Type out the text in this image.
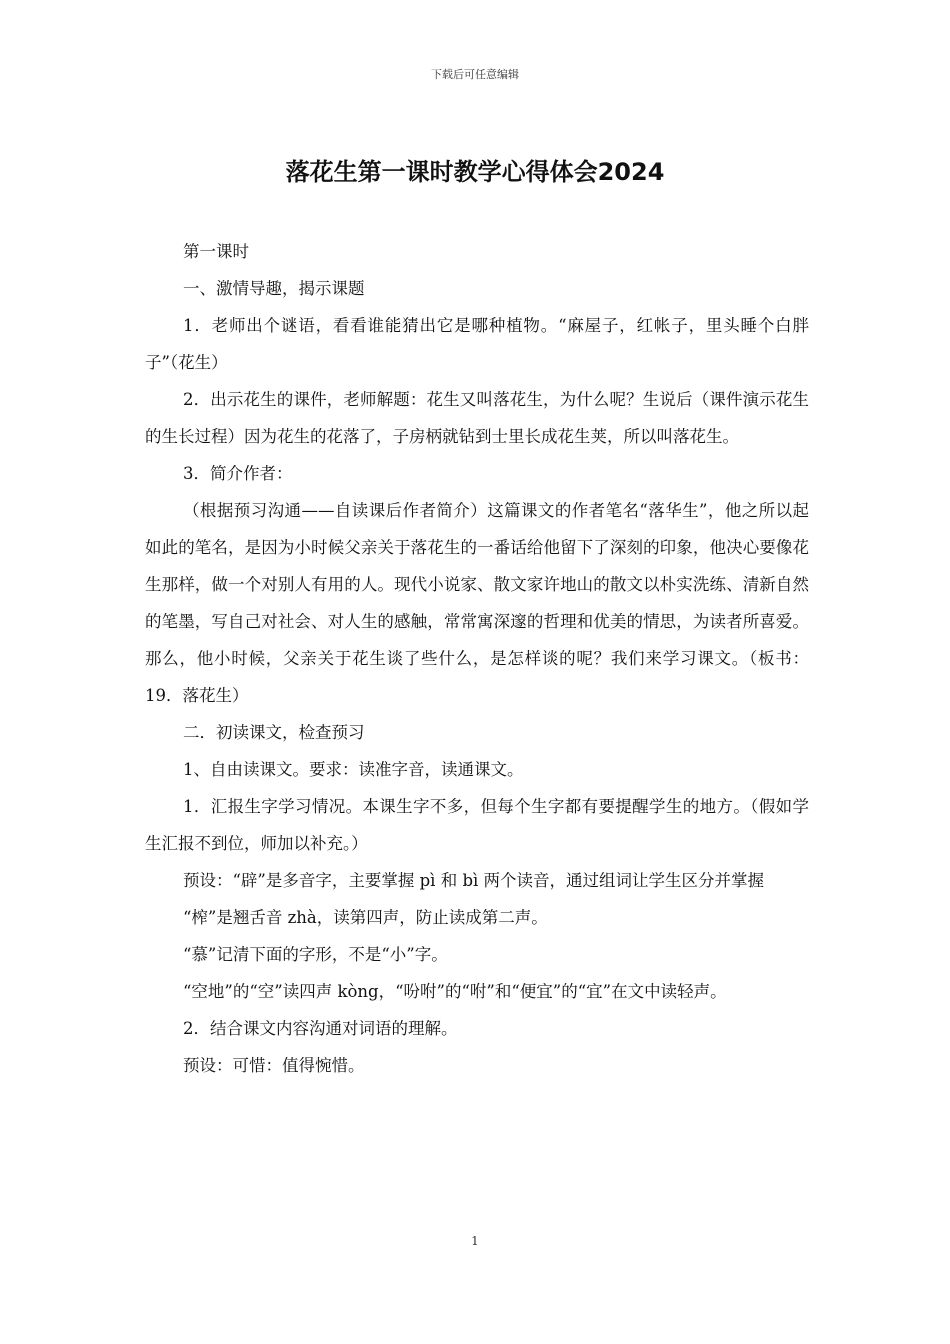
下载后可任意编辑
落花生第一课时教学心得体会2024

第一课时

一、激情导趣，揭示课题

1．老师出个谜语，看看谁能猜出它是哪种植物。“麻屋子，红帐子，里头睡个白胖子”（花生）

2．出示花生的课件，老师解题：花生又叫落花生，为什么呢？生说后（课件演示花生的生长过程）因为花生的花落了，子房柄就钻到士里长成花生荚，所以叫落花生。

3．简介作者：

（根据预习沟通——自读课后作者简介）这篇课文的作者笔名“落华生”，他之所以起如此的笔名，是因为小时候父亲关于落花生的一番话给他留下了深刻的印象，他决心要像花生那样，做一个对别人有用的人。现代小说家、散文家许地山的散文以朴实洗练、清新自然的笔墨，写自己对社会、对人生的感触，常常寓深邃的哲理和优美的情思，为读者所喜爱。那么，他小时候，父亲关于花生谈了些什么，是怎样谈的呢？我们来学习课文。（板书：19．落花生）

二．初读课文，检查预习

1、自由读课文。要求：读准字音，读通课文。

1．汇报生字学习情况。本课生字不多，但每个生字都有要提醒学生的地方。（假如学生汇报不到位，师加以补充。）

预设：“辟”是多音字，主要掌握 pì 和 bì 两个读音，通过组词让学生区分并掌握

“榨”是翘舌音 zhà，读第四声，防止读成第二声。

“慕”记清下面的字形，不是“小”字。

“空地”的“空”读四声 kòng，“吩咐”的“咐”和“便宜”的“宜”在文中读轻声。

2．结合课文内容沟通对词语的理解。

预设：可惜：值得惋惜。

1
